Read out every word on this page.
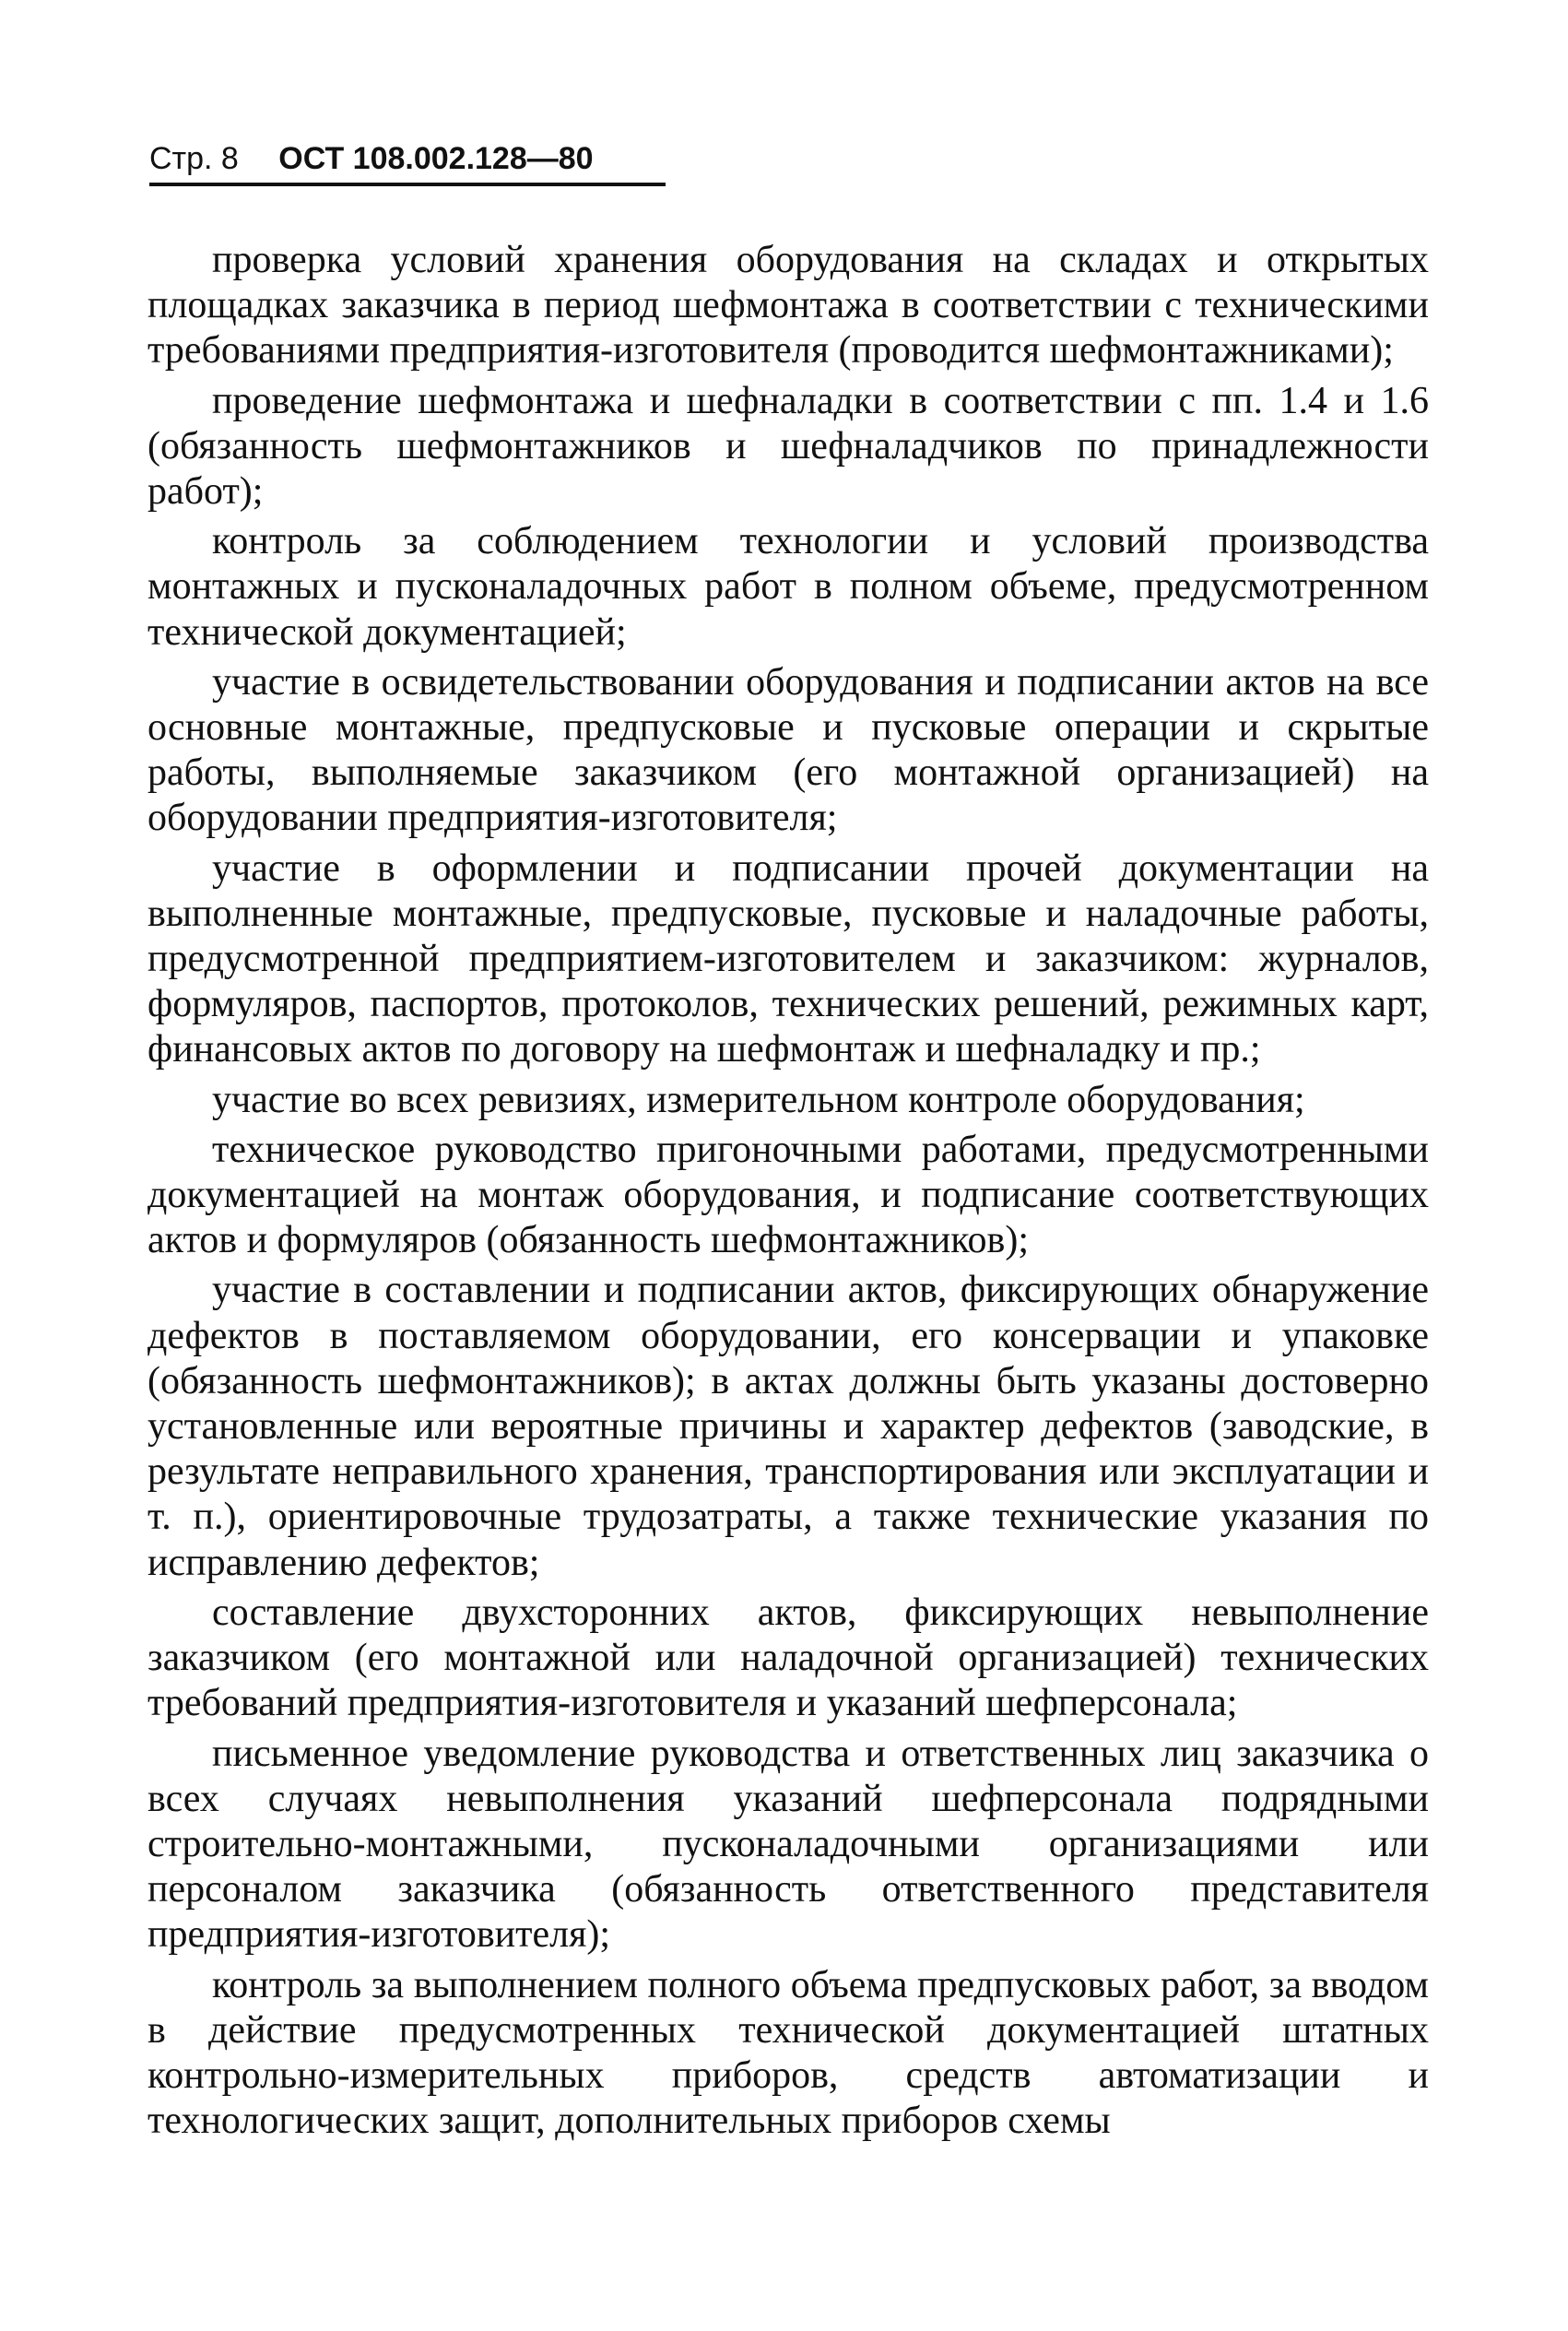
Стр. 8 ОСТ 108.002.128—80

проверка условий хранения оборудования на складах и открытых площадках заказчика в период шефмонтажа в соответствии с техническими требованиями предприятия-изготовителя (проводится шефмонтажниками);

проведение шефмонтажа и шефналадки в соответствии с пп. 1.4 и 1.6 (обязанность шефмонтажников и шефналадчиков по принадлежности работ);

контроль за соблюдением технологии и условий производства монтажных и пусконаладочных работ в полном объеме, предусмотренном технической документацией;

участие в освидетельствовании оборудования и подписании актов на все основные монтажные, предпусковые и пусковые операции и скрытые работы, выполняемые заказчиком (его монтажной организацией) на оборудовании предприятия-изготовителя;

участие в оформлении и подписании прочей документации на выполненные монтажные, предпусковые, пусковые и наладочные работы, предусмотренной предприятием-изготовителем и заказчиком: журналов, формуляров, паспортов, протоколов, технических решений, режимных карт, финансовых актов по договору на шефмонтаж и шефналадку и пр.;

участие во всех ревизиях, измерительном контроле оборудования;

техническое руководство пригоночными работами, предусмотренными документацией на монтаж оборудования, и подписание соответствующих актов и формуляров (обязанность шефмонтажников);

участие в составлении и подписании актов, фиксирующих обнаружение дефектов в поставляемом оборудовании, его консервации и упаковке (обязанность шефмонтажников); в актах должны быть указаны достоверно установленные или вероятные причины и характер дефектов (заводские, в результате неправильного хранения, транспортирования или эксплуатации и т. п.), ориентировочные трудозатраты, а также технические указания по исправлению дефектов;

составление двухсторонних актов, фиксирующих невыполнение заказчиком (его монтажной или наладочной организацией) технических требований предприятия-изготовителя и указаний шефперсонала;

письменное уведомление руководства и ответственных лиц заказчика о всех случаях невыполнения указаний шефперсонала подрядными строительно-монтажными, пусконаладочными организациями или персоналом заказчика (обязанность ответственного представителя предприятия-изготовителя);

контроль за выполнением полного объема предпусковых работ, за вводом в действие предусмотренных технической документацией штатных контрольно-измерительных приборов, средств автоматизации и технологических защит, дополнительных приборов схемы
